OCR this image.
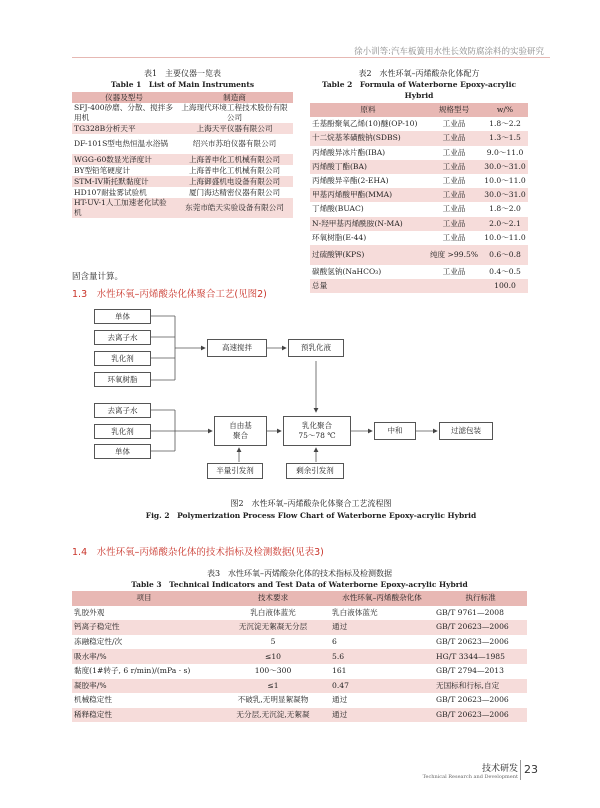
徐小训等:汽车板簧用水性长效防腐涂料的实验研究
表1　主要仪器一览表
Table 1　List of Main Instruments
仪器及型号	制造商
SFJ-400砂磨、分散、搅拌多用机	上海现代环境工程技术股份有限公司
TG328B分析天平	上海天平仪器有限公司
DF-101S型电热恒温水浴锅	绍兴市苏珀仪器有限公司
WGG-60数显光泽度计	上海普申化工机械有限公司
BY型铅笔硬度计	上海普申化工机械有限公司
STM-IV斯托默黏度计	上海御盛机电设备有限公司
HD107耐盐雾试验机	厦门海达精密仪器有限公司
HT-UV-1人工加速老化试验机	东莞市皓天实验设备有限公司
表2　水性环氧–丙烯酸杂化体配方
Table 2　Formula of Waterborne Epoxy-acrylic Hybrid
原料	规格型号	w/%
壬基酚聚氧乙烯(10)醚(OP-10)	工业品	1.8～2.2
十二烷基苯磺酸钠(SDBS)	工业品	1.3～1.5
丙烯酸异冰片酯(IBA)	工业品	9.0～11.0
丙烯酸丁酯(BA)	工业品	30.0～31.0
丙烯酸异辛酯(2-EHA)	工业品	10.0～11.0
甲基丙烯酸甲酯(MMA)	工业品	30.0～31.0
丁烯酸(BUAC)	工业品	1.8～2.0
N-羟甲基丙烯酰胺(N-MA)	工业品	2.0～2.1
环氧树脂(E-44)	工业品	10.0～11.0
过硫酸钾(KPS)	纯度 >99.5%	0.6～0.8
碳酸氢钠(NaHCO₃)	工业品	0.4～0.5
总量		100.0
固含量计算。
1.3　水性环氧–丙烯酸杂化体聚合工艺(见图2)
单体
去离子水
乳化剂
环氧树脂
高速搅拌	预乳化液
去离子水
乳化剂
单体
自由基
聚合
乳化聚合
75～78 ℃
中和	过滤包装
半量引发剂	剩余引发剂
图2　水性环氧–丙烯酸杂化体聚合工艺流程图
Fig. 2　Polymerization Process Flow Chart of Waterborne Epoxy-acrylic Hybrid
1.4　水性环氧–丙烯酸杂化体的技术指标及检测数据(见表3)
表3　水性环氧–丙烯酸杂化体的技术指标及检测数据
Table 3　Technical Indicators and Test Data of Waterborne Epoxy-acrylic Hybrid
项目	技术要求	水性环氧–丙烯酸杂化体	执行标准
乳胶外观	乳白液体蓝光	乳白液体蓝光	GB/T 9761—2008
钙离子稳定性	无沉淀无絮凝无分层	通过	GB/T 20623—2006
冻融稳定性/次	5	6	GB/T 20623—2006
吸水率/%	≤10	5.6	HG/T 3344—1985
黏度(1#转子, 6 r/min)/(mPa · s)	100～300	161	GB/T 2794—2013
凝胶率/%	≤1	0.47	无国标和行标,自定
机械稳定性	不破乳,无明显絮凝物	通过	GB/T 20623—2006
稀释稳定性	无分层,无沉淀,无絮凝	通过	GB/T 20623—2006
技术研发
Technical Research and Development
23
